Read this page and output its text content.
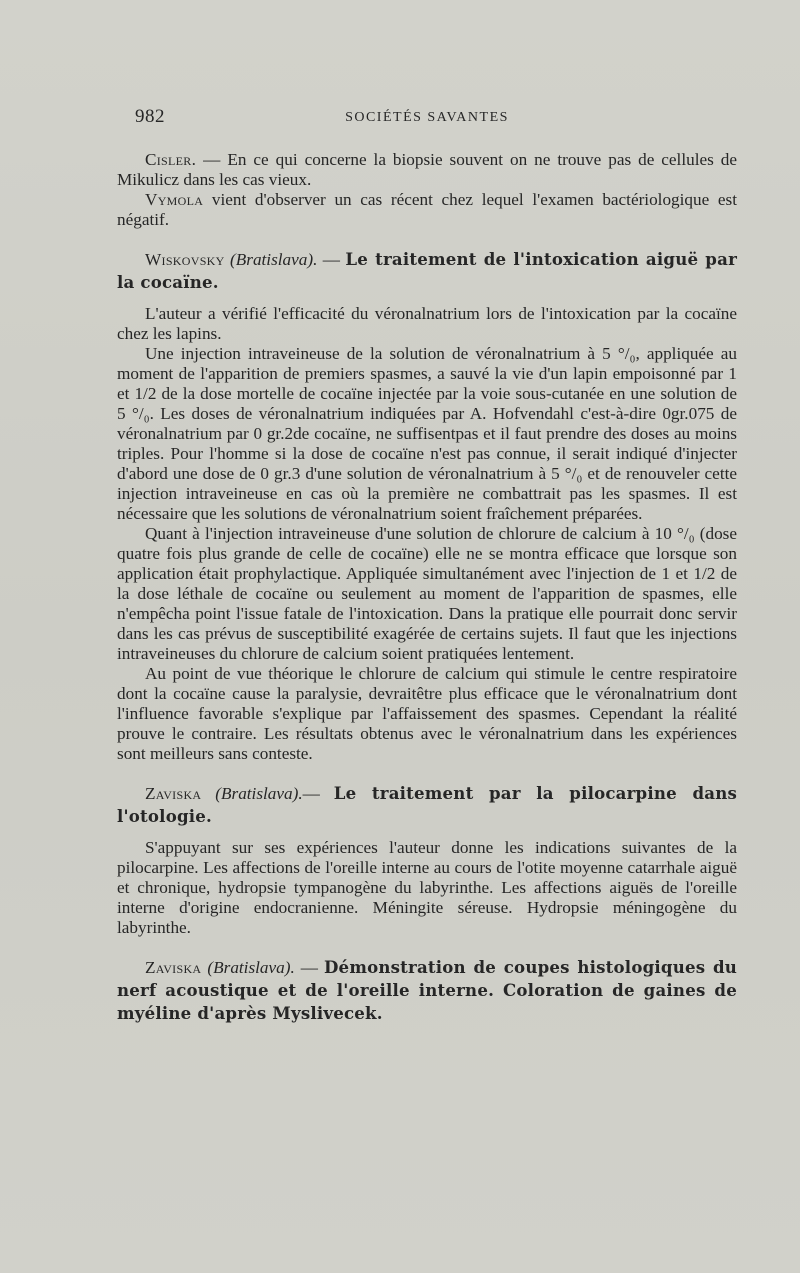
982	SOCIÉTÉS SAVANTES

Cisler. — En ce qui concerne la biopsie souvent on ne trouve pas de cellules de Mikulicz dans les cas vieux.

Vymola vient d'observer un cas récent chez lequel l'examen bactériologique est négatif.

Wiskovsky (Bratislava). — Le traitement de l'intoxication aiguë par la cocaïne.

L'auteur a vérifié l'efficacité du véronalnatrium lors de l'intoxication par la cocaïne chez les lapins.

Une injection intraveineuse de la solution de véronalnatrium à 5 °/₀, appliquée au moment de l'apparition de premiers spasmes, a sauvé la vie d'un lapin empoisonné par 1 et 1/2 de la dose mortelle de cocaïne injectée par la voie sous-cutanée en une solution de 5 °/₀. Les doses de véronalnatrium indiquées par A. Hofvendahl c'est-à-dire 0gr.075 de véronalnatrium par 0 gr.2de cocaïne, ne suffisentpas et il faut prendre des doses au moins triples. Pour l'homme si la dose de cocaïne n'est pas connue, il serait indiqué d'injecter d'abord une dose de 0 gr.3 d'une solution de véronalnatrium à 5 °/₀ et de renouveler cette injection intraveineuse en cas où la première ne combattrait pas les spasmes. Il est nécessaire que les solutions de véronalnatrium soient fraîchement préparées.

Quant à l'injection intraveineuse d'une solution de chlorure de calcium à 10 °/₀ (dose quatre fois plus grande de celle de cocaïne) elle ne se montra efficace que lorsque son application était prophylactique. Appliquée simultanément avec l'injection de 1 et 1/2 de la dose léthale de cocaïne ou seulement au moment de l'apparition de spasmes, elle n'empêcha point l'issue fatale de l'intoxication. Dans la pratique elle pourrait donc servir dans les cas prévus de susceptibilité exagérée de certains sujets. Il faut que les injections intraveineuses du chlorure de calcium soient pratiquées lentement.

Au point de vue théorique le chlorure de calcium qui stimule le centre respiratoire dont la cocaïne cause la paralysie, devraitêtre plus efficace que le véronalnatrium dont l'influence favorable s'explique par l'affaissement des spasmes. Cependant la réalité prouve le contraire. Les résultats obtenus avec le véronalnatrium dans les expériences sont meilleurs sans conteste.

Zaviska (Bratislava).— Le traitement par la pilocarpine dans l'otologie.

S'appuyant sur ses expériences l'auteur donne les indications suivantes de la pilocarpine. Les affections de l'oreille interne au cours de l'otite moyenne catarrhale aiguë et chronique, hydropsie tympanogène du labyrinthe. Les affections aiguës de l'oreille interne d'origine endocranienne. Méningite séreuse. Hydropsie méningogène du labyrinthe.

Zaviska (Bratislava). — Démonstration de coupes histologiques du nerf acoustique et de l'oreille interne. Coloration de gaines de myéline d'après Myslivecek.
